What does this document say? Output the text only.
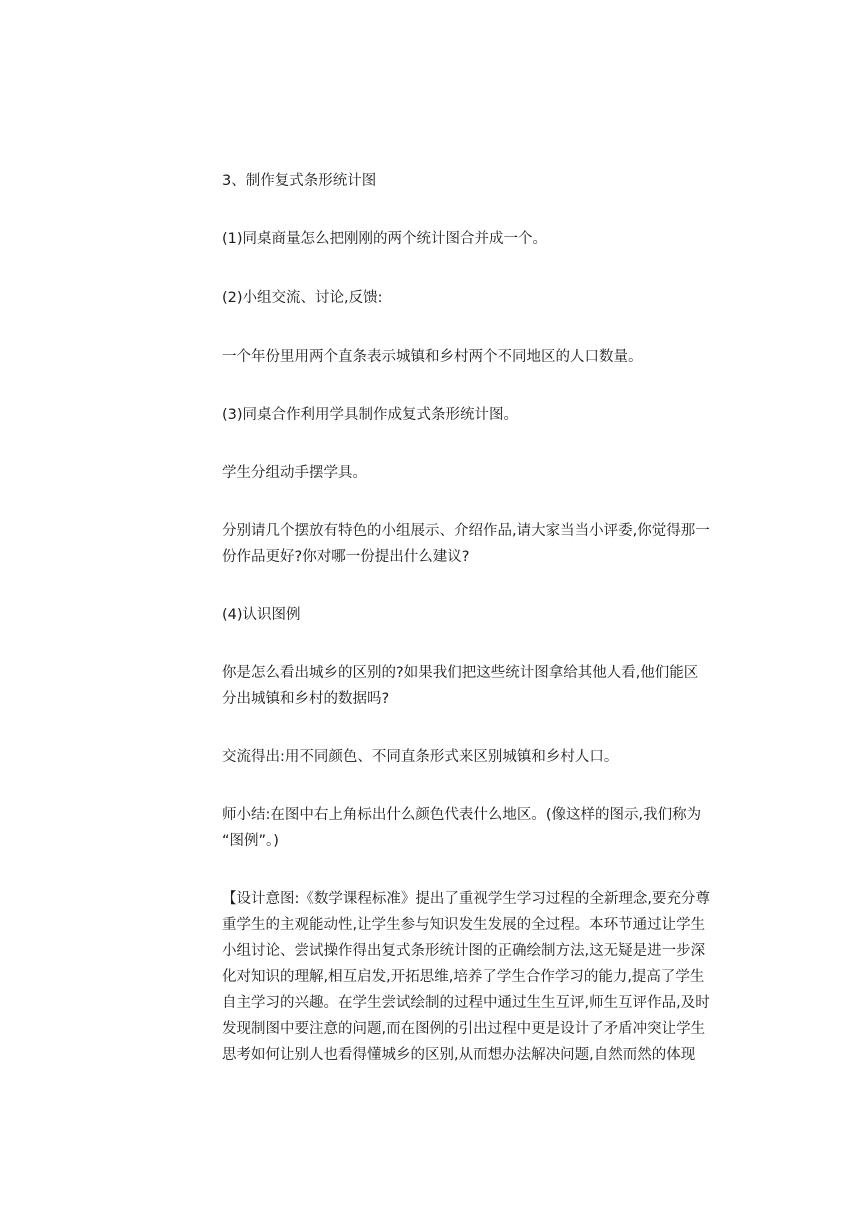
3、制作复式条形统计图

(1)同桌商量怎么把刚刚的两个统计图合并成一个。

(2)小组交流、讨论,反馈:

一个年份里用两个直条表示城镇和乡村两个不同地区的人口数量。

(3)同桌合作利用学具制作成复式条形统计图。

学生分组动手摆学具。

分别请几个摆放有特色的小组展示、介绍作品,请大家当当小评委,你觉得那一
份作品更好?你对哪一份提出什么建议?

(4)认识图例

你是怎么看出城乡的区别的?如果我们把这些统计图拿给其他人看,他们能区
分出城镇和乡村的数据吗?

交流得出:用不同颜色、不同直条形式来区别城镇和乡村人口。

师小结:在图中右上角标出什么颜色代表什么地区。(像这样的图示,我们称为
“图例”。)

【设计意图:《数学课程标准》提出了重视学生学习过程的全新理念,要充分尊
重学生的主观能动性,让学生参与知识发生发展的全过程。本环节通过让学生
小组讨论、尝试操作得出复式条形统计图的正确绘制方法,这无疑是进一步深
化对知识的理解,相互启发,开拓思维,培养了学生合作学习的能力,提高了学生
自主学习的兴趣。在学生尝试绘制的过程中通过生生互评,师生互评作品,及时
发现制图中要注意的问题,而在图例的引出过程中更是设计了矛盾冲突让学生
思考如何让别人也看得懂城乡的区别,从而想办法解决问题,自然而然的体现
